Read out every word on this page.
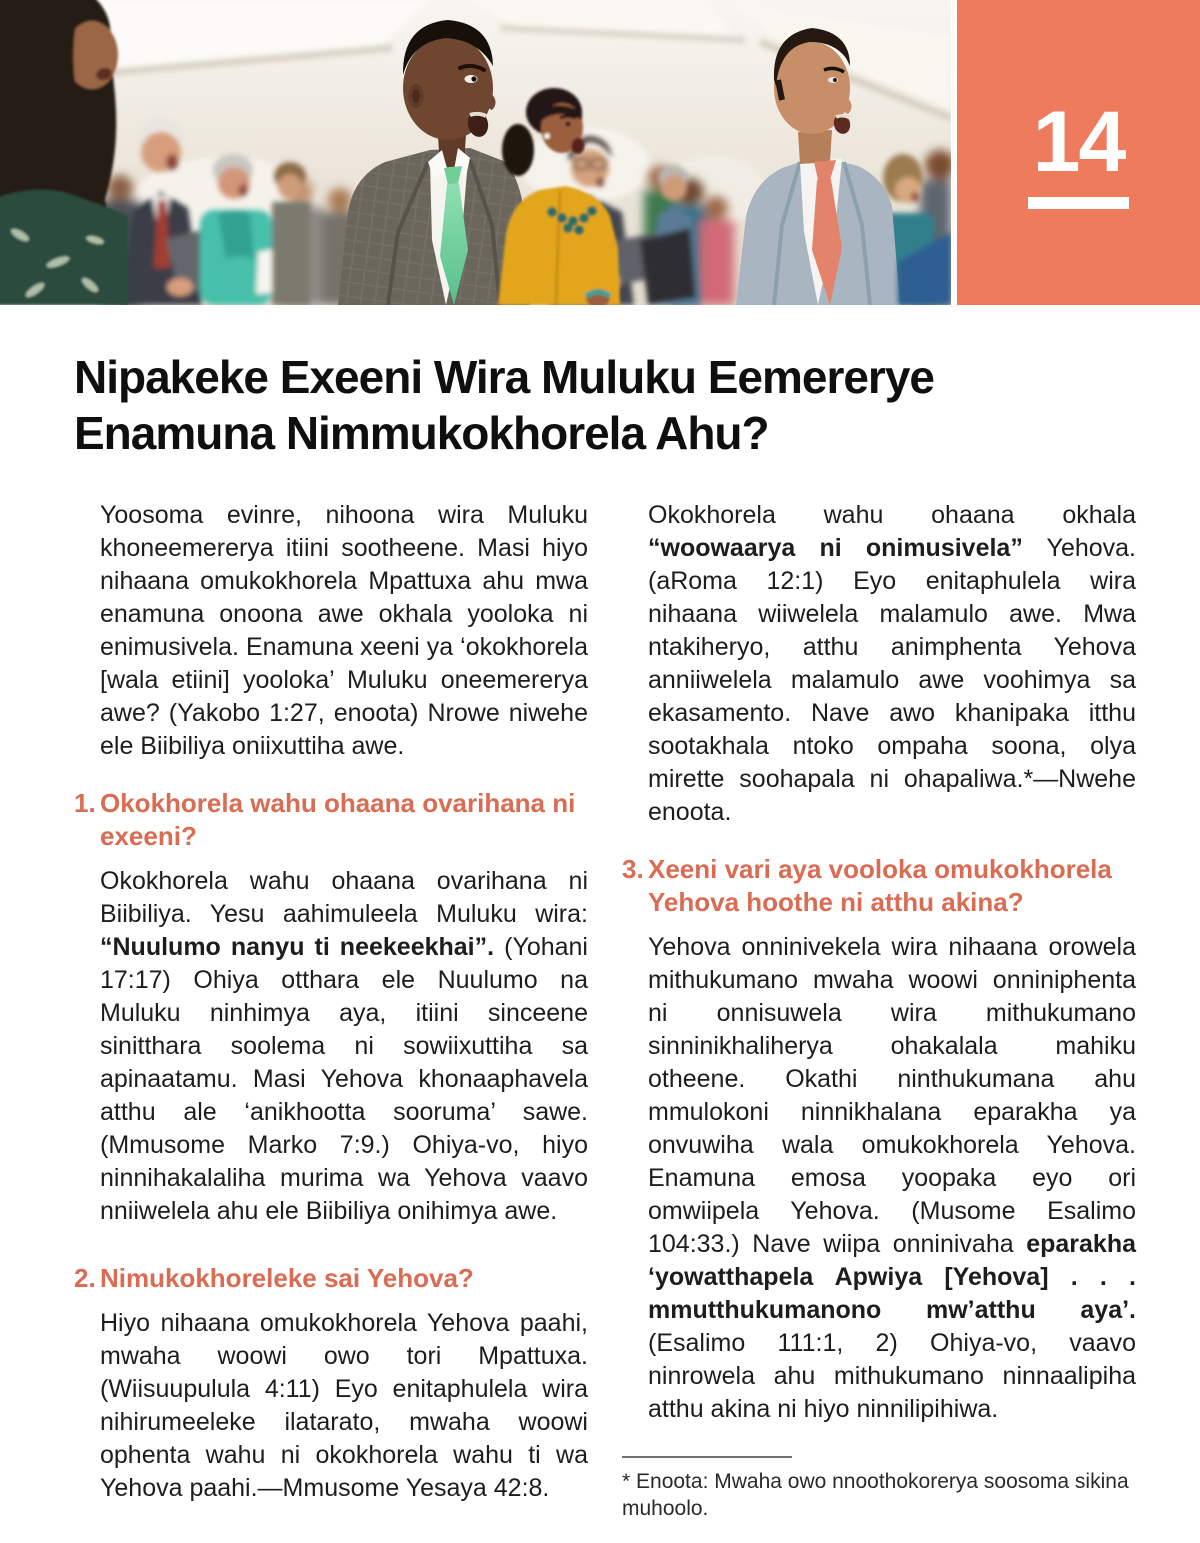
14
Nipakeke Exeeni Wira Muluku Eemererye
Enamuna Nimmukokhorela Ahu?

Yoosoma evinre, nihoona wira Muluku khoneemererya itiini sootheene. Masi hiyo nihaana omukokhorela Mpattuxa ahu mwa enamuna onoona awe okhala yooloka ni enimusivela. Enamuna xeeni ya ‘okokhorela [wala etiini] yooloka’ Muluku oneemererya awe? (Yakobo 1:27, enoota) Nrowe niwehe ele Biibiliya oniixuttiha awe.

1. Okokhorela wahu ohaana ovarihana ni exeeni?

Okokhorela wahu ohaana ovarihana ni Biibiliya. Yesu aahimuleela Muluku wira: “Nuulumo nanyu ti neekeekhai”. (Yohani 17:17) Ohiya otthara ele Nuulumo na Muluku ninhimya aya, itiini sinceene sinitthara soolema ni sowiixuttiha sa apinaatamu. Masi Yehova khonaaphavela atthu ale ‘anikhootta sooruma’ sawe. (Mmusome Marko 7:9.) Ohiya-vo, hiyo ninnihakalaliha murima wa Yehova vaavo nniiwelela ahu ele Biibiliya onihimya awe.

2. Nimukokhoreleke sai Yehova?

Hiyo nihaana omukokhorela Yehova paahi, mwaha woowi owo tori Mpattuxa. (Wiisuupulula 4:11) Eyo enitaphulela wira nihirumeeleke ilatarato, mwaha woowi ophenta wahu ni okokhorela wahu ti wa Yehova paahi.—Mmusome Yesaya 42:8.

Okokhorela wahu ohaana okhala “woowaarya ni onimusivela” Yehova. (aRoma 12:1) Eyo enitaphulela wira nihaana wiiwelela malamulo awe. Mwa ntakiheryo, atthu animphenta Yehova anniiwelela malamulo awe voohimya sa ekasamento. Nave awo khanipaka itthu sootakhala ntoko ompaha soona, olya mirette soohapala ni ohapaliwa.*—Nwehe enoota.

3. Xeeni vari aya vooloka omukokhorela Yehova hoothe ni atthu akina?

Yehova onninivekela wira nihaana orowela mithukumano mwaha woowi onniniphenta ni onnisuwela wira mithukumano sinninikhaliherya ohakalala mahiku otheene. Okathi ninthukumana ahu mmulokoni ninnikhalana eparakha ya onvuwiha wala omukokhorela Yehova. Enamuna emosa yoopaka eyo ori omwiipela Yehova. (Musome Esalimo 104:33.) Nave wiipa onninivaha eparakha ‘yowatthapela Apwiya [Yehova] . . . mmutthukumanono mw’atthu aya’. (Esalimo 111:1, 2) Ohiya-vo, vaavo ninrowela ahu mithukumano ninnaalipiha atthu akina ni hiyo ninnilipihiwa.

* Enoota: Mwaha owo nnoothokorerya soosoma sikina muhoolo.
